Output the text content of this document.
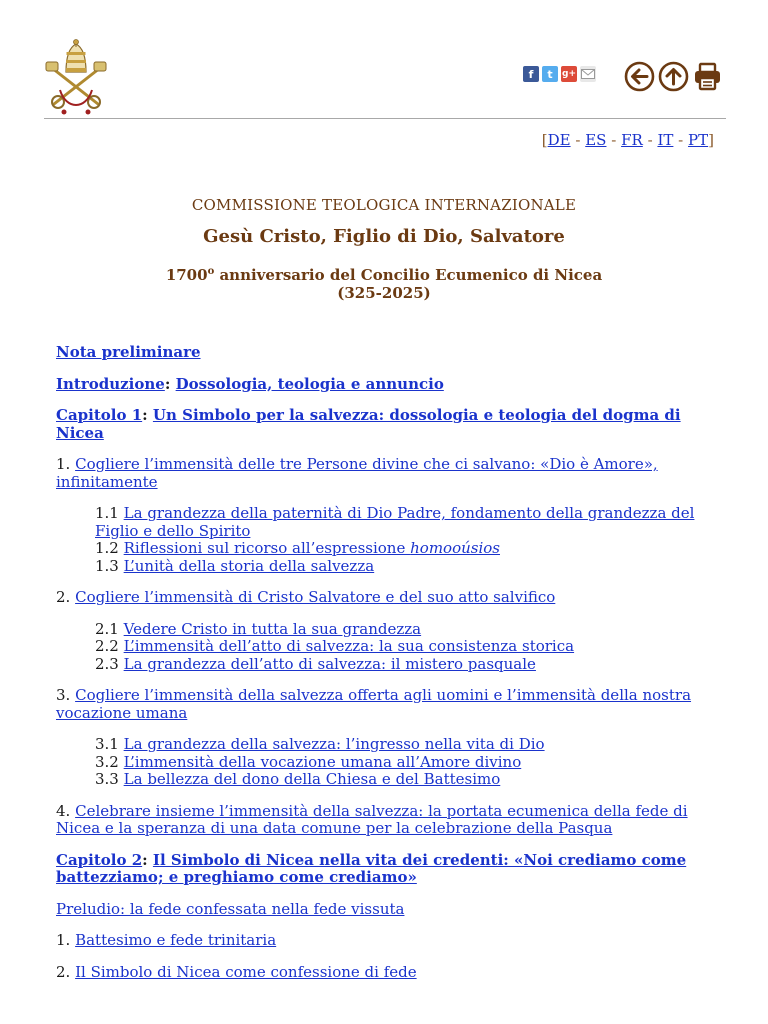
f	t	g+
[DE - ES - FR - IT - PT]
COMMISSIONE TEOLOGICA INTERNAZIONALE
Gesù Cristo, Figlio di Dio, Salvatore
1700$^o$ anniversario del Concilio Ecumenico di Nicea
(325-2025)

Nota preliminare

Introduzione: Dossologia, teologia e annuncio

Capitolo 1: Un Simbolo per la salvezza: dossologia e teologia del dogma di Nicea

1. Cogliere l’immensità delle tre Persone divine che ci salvano: «Dio è Amore», infinitamente

1.1 La grandezza della paternità di Dio Padre, fondamento della grandezza del Figlio e dello Spirito

1.2 Riflessioni sul ricorso all’espressione homooúsios

1.3 L’unità della storia della salvezza

2. Cogliere l’immensità di Cristo Salvatore e del suo atto salvifico

2.1 Vedere Cristo in tutta la sua grandezza

2.2 L’immensità dell’atto di salvezza: la sua consistenza storica

2.3 La grandezza dell’atto di salvezza: il mistero pasquale

3. Cogliere l’immensità della salvezza offerta agli uomini e l’immensità della nostra vocazione umana

3.1 La grandezza della salvezza: l’ingresso nella vita di Dio

3.2 L’immensità della vocazione umana all’Amore divino

3.3 La bellezza del dono della Chiesa e del Battesimo

4. Celebrare insieme l’immensità della salvezza: la portata ecumenica della fede di Nicea e la speranza di una data comune per la celebrazione della Pasqua

Capitolo 2: Il Simbolo di Nicea nella vita dei credenti: «Noi crediamo come battezziamo; e preghiamo come crediamo»

Preludio: la fede confessata nella fede vissuta

1. Battesimo e fede trinitaria

2. Il Simbolo di Nicea come confessione di fede
